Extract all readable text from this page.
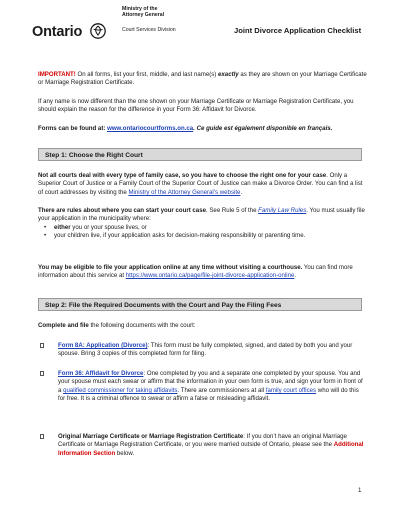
Ontario
Ministry of the
Attorney General
Court Services Division	Joint Divorce Application Checklist
IMPORTANT! On all forms, list your first, middle, and last name(s) exactly as they are shown on your Marriage Certificate or Marriage Registration Certificate.
If any name is now different than the one shown on your Marriage Certificate or Marriage Registration Certificate, you should explain the reason for the difference in your Form 36: Affidavit for Divorce.
Forms can be found at: www.ontariocourtforms.on.ca. Ce guide est également disponible en français.
Step 1: Choose the Right Court
Not all courts deal with every type of family case, so you have to choose the right one for your case. Only a Superior Court of Justice or a Family Court of the Superior Court of Justice can make a Divorce Order. You can find a list of court addresses by visiting the Ministry of the Attorney General’s website.
There are rules about where you can start your court case. See Rule 5 of the Family Law Rules. You must usually file your application in the municipality where:
• either you or your spouse lives, or
• your children live, if your application asks for decision-making responsibility or parenting time.
You may be eligible to file your application online at any time without visiting a courthouse. You can find more information about this service at https://www.ontario.ca/page/file-joint-divorce-application-online.
Step 2: File the Required Documents with the Court and Pay the Filing Fees
Complete and file the following documents with the court:
Form 8A: Application (Divorce): This form must be fully completed, signed, and dated by both you and your spouse. Bring 3 copies of this completed form for filing.
Form 36: Affidavit for Divorce: One completed by you and a separate one completed by your spouse. You and your spouse must each swear or affirm that the information in your own form is true, and sign your form in front of a qualified commissioner for taking affidavits. There are commissioners at all family court offices who will do this for free. It is a criminal offence to swear or affirm a false or misleading affidavit.
Original Marriage Certificate or Marriage Registration Certificate: If you don’t have an original Marriage Certificate or Marriage Registration Certificate, or you were married outside of Ontario, please see the Additional Information Section below.
1
